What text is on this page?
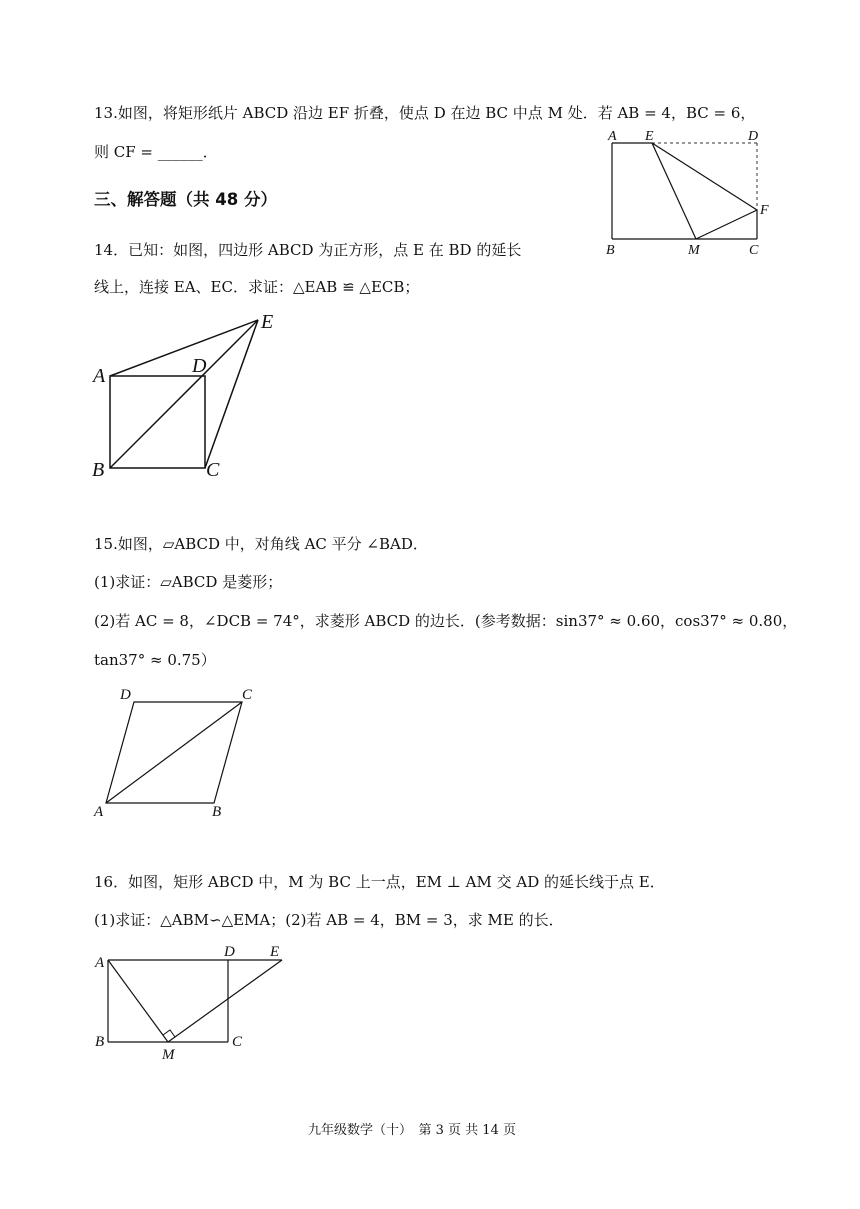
13.如图，将矩形纸片 ABCD 沿边 EF 折叠，使点 D 在边 BC 中点 M 处．若 AB = 4，BC = 6，
则 CF = ______．
A E	D
F
B	M	C
三、解答题（共 48 分）
14．已知：如图，四边形 ABCD 为正方形，点 E 在 BD 的延长
线上，连接 EA、EC．求证：△EAB ≌ △ECB；
A	D
E
B	C
15.如图，▱ABCD 中，对角线 AC 平分 ∠BAD．
(1)求证：▱ABCD 是菱形；
(2)若 AC = 8，∠DCB = 74°，求菱形 ABCD 的边长．(参考数据：sin37° ≈ 0.60，cos37° ≈ 0.80，
tan37° ≈ 0.75）
D	C
A	B
16．如图，矩形 ABCD 中，M 为 BC 上一点，EM ⊥ AM 交 AD 的延长线于点 E．
(1)求证：△ABM∽△EMA；(2)若 AB = 4，BM = 3，求 ME 的长．
A
D E
B
M
C
九年级数学（十）　第 3 页 共 14 页
